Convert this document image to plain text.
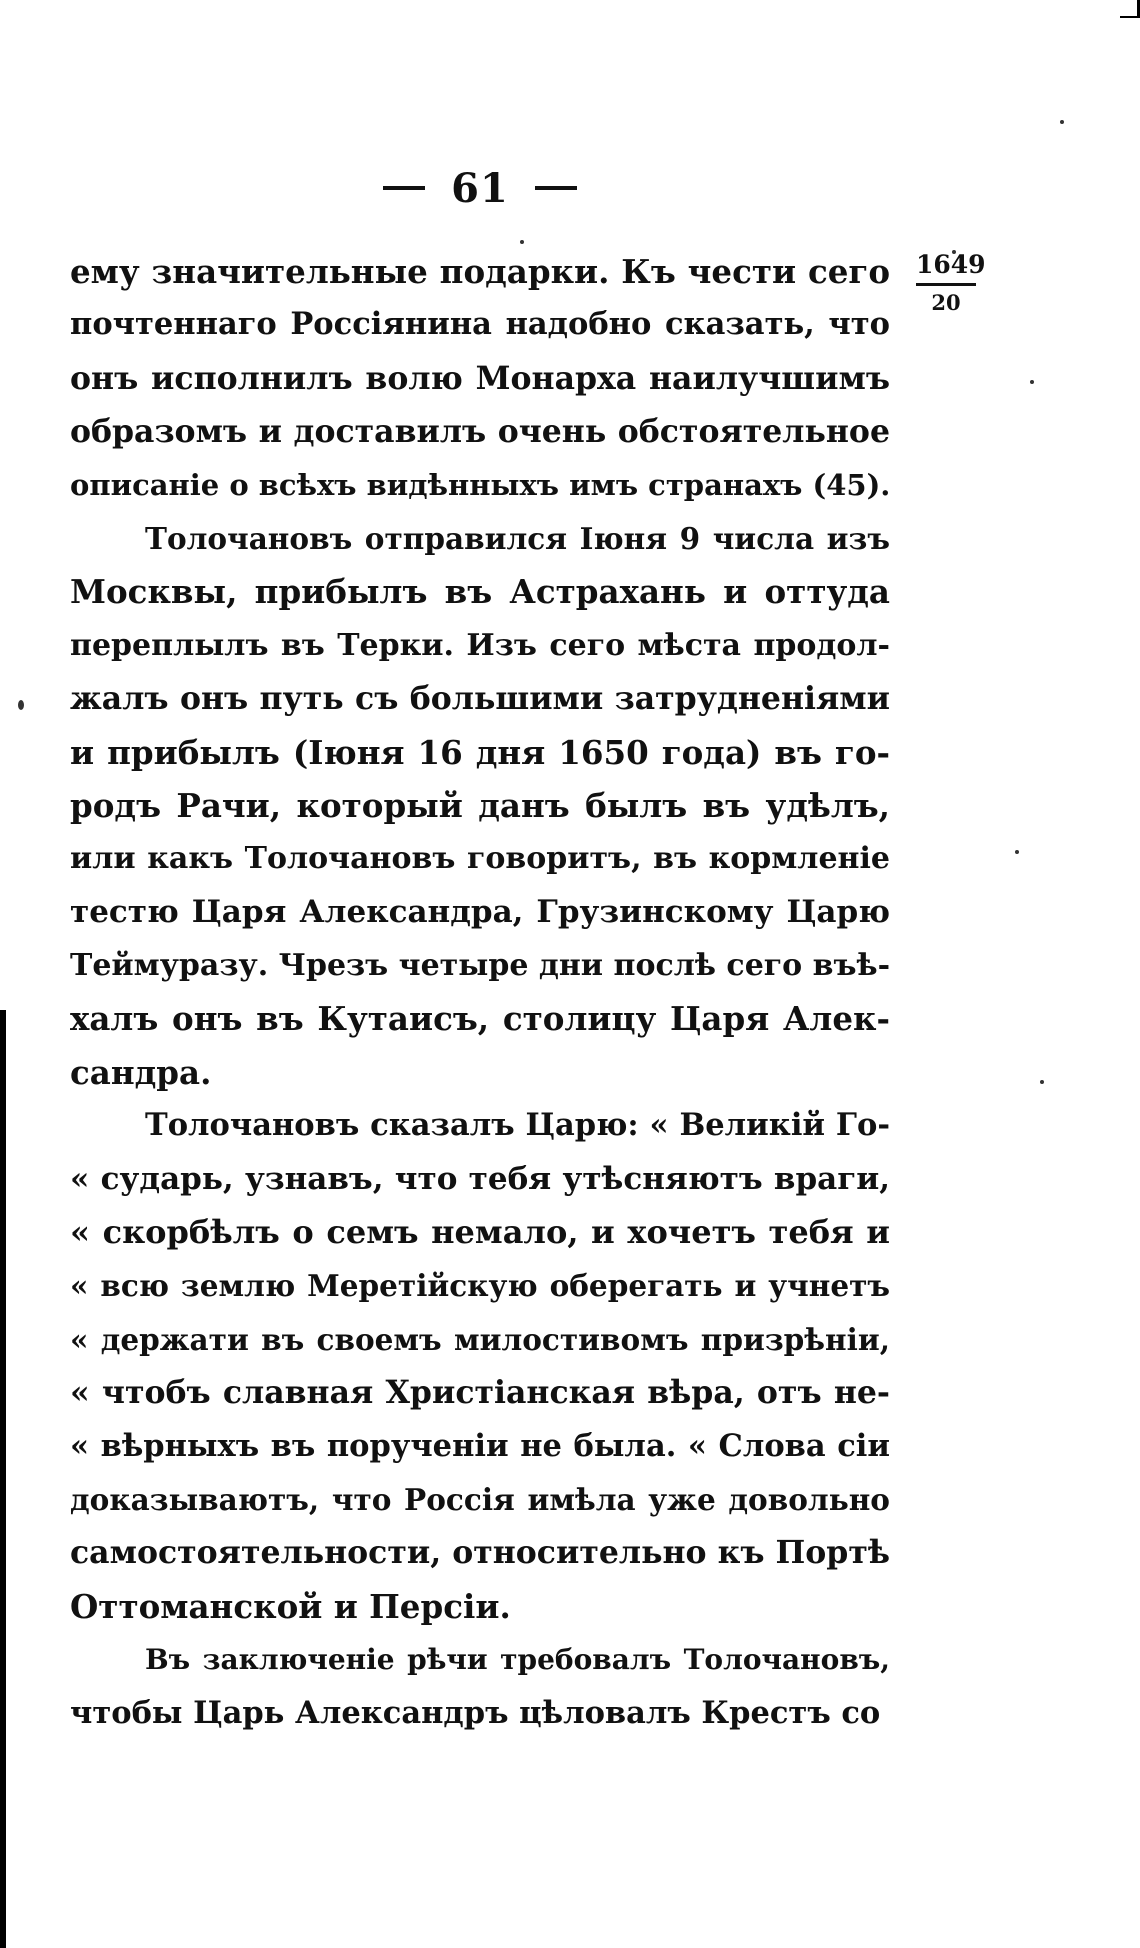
61
1649
20
ему значительные подарки. Къ чести сего
почтеннаго Россіянина надобно сказать, что
онъ исполнилъ волю Монарха наилучшимъ
образомъ и доставилъ очень обстоятельное
описаніе о всѣхъ видѣнныхъ имъ странахъ (45).
Толочановъ отправился Іюня 9 числа изъ
Москвы, прибылъ въ Астрахань и оттуда
переплылъ въ Терки. Изъ сего мѣста продол-
жалъ онъ путь съ большими затрудненіями
и прибылъ (Іюня 16 дня 1650 года) въ го-
родъ Рачи, который данъ былъ въ удѣлъ,
или какъ Толочановъ говоритъ, въ кормленіе
тестю Царя Александра, Грузинскому Царю
Теймуразу. Чрезъ четыре дни послѣ сего въѣ-
халъ онъ въ Кутаисъ, столицу Царя Алек-
сандра.
Толочановъ сказалъ Царю: « Великій Го-
« сударь, узнавъ, что тебя утѣсняютъ враги,
« скорбѣлъ о семъ немало, и хочетъ тебя и
« всю землю Меретійскую оберегать и учнетъ
« держати въ своемъ милостивомъ призрѣніи,
« чтобъ славная Христіанская вѣра, отъ не-
« вѣрныхъ въ порученіи не была. « Слова сіи
доказываютъ, что Россія имѣла уже довольно
самостоятельности, относительно къ Портѣ
Оттоманской и Персіи.
Въ заключеніе рѣчи требовалъ Толочановъ,
чтобы Царь Александръ цѣловалъ Крестъ со
